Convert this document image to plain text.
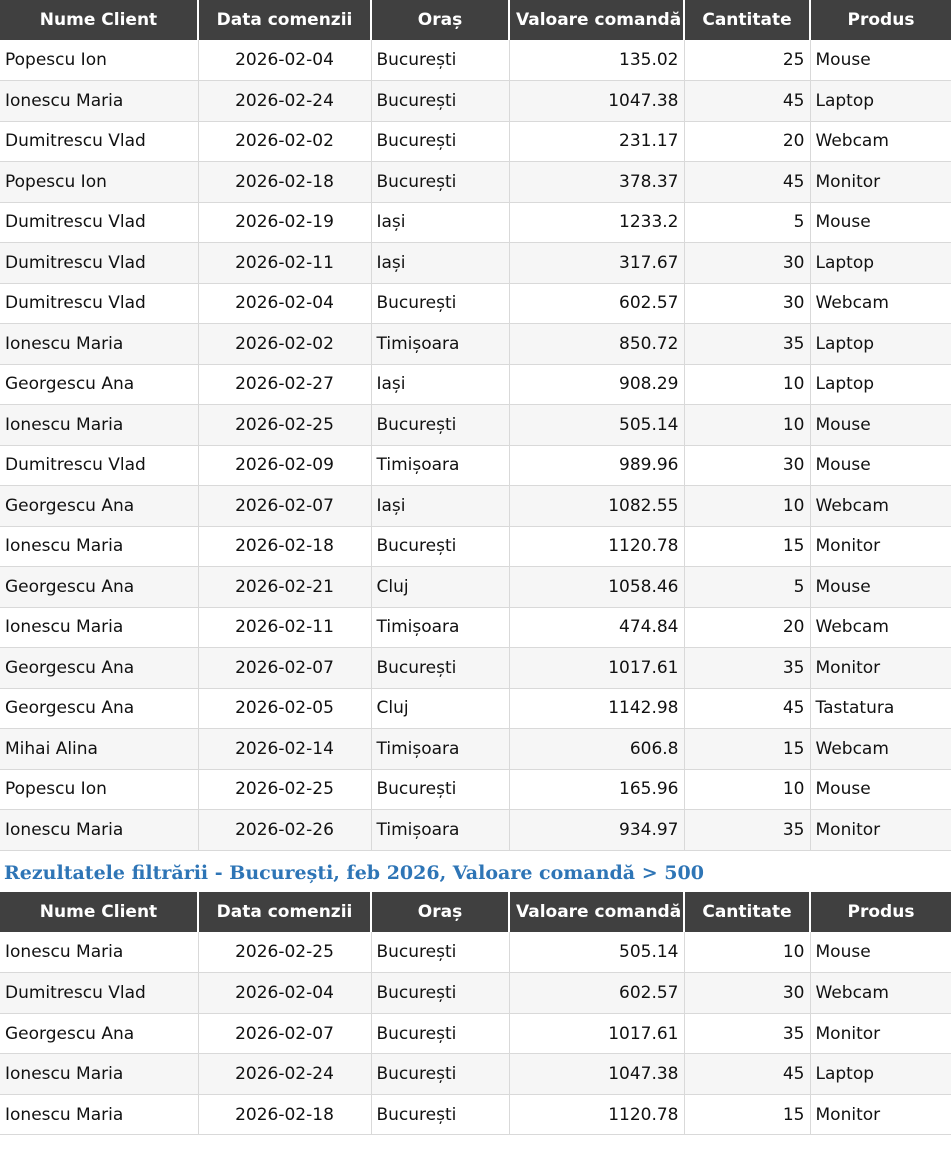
Nume Client	Data comenzii	Oraș	Valoare comandă	Cantitate	Produs
Popescu Ion	2026-02-04	București	135.02	25	Mouse
Ionescu Maria	2026-02-24	București	1047.38	45	Laptop
Dumitrescu Vlad	2026-02-02	București	231.17	20	Webcam
Popescu Ion	2026-02-18	București	378.37	45	Monitor
Dumitrescu Vlad	2026-02-19	Iași	1233.2	5	Mouse
Dumitrescu Vlad	2026-02-11	Iași	317.67	30	Laptop
Dumitrescu Vlad	2026-02-04	București	602.57	30	Webcam
Ionescu Maria	2026-02-02	Timișoara	850.72	35	Laptop
Georgescu Ana	2026-02-27	Iași	908.29	10	Laptop
Ionescu Maria	2026-02-25	București	505.14	10	Mouse
Dumitrescu Vlad	2026-02-09	Timișoara	989.96	30	Mouse
Georgescu Ana	2026-02-07	Iași	1082.55	10	Webcam
Ionescu Maria	2026-02-18	București	1120.78	15	Monitor
Georgescu Ana	2026-02-21	Cluj	1058.46	5	Mouse
Ionescu Maria	2026-02-11	Timișoara	474.84	20	Webcam
Georgescu Ana	2026-02-07	București	1017.61	35	Monitor
Georgescu Ana	2026-02-05	Cluj	1142.98	45	Tastatura
Mihai Alina	2026-02-14	Timișoara	606.8	15	Webcam
Popescu Ion	2026-02-25	București	165.96	10	Mouse
Ionescu Maria	2026-02-26	Timișoara	934.97	35	Monitor
Rezultatele filtrării - București, feb 2026, Valoare comandă > 500
Nume Client	Data comenzii	Oraș	Valoare comandă	Cantitate	Produs
Ionescu Maria	2026-02-25	București	505.14	10	Mouse
Dumitrescu Vlad	2026-02-04	București	602.57	30	Webcam
Georgescu Ana	2026-02-07	București	1017.61	35	Monitor
Ionescu Maria	2026-02-24	București	1047.38	45	Laptop
Ionescu Maria	2026-02-18	București	1120.78	15	Monitor
